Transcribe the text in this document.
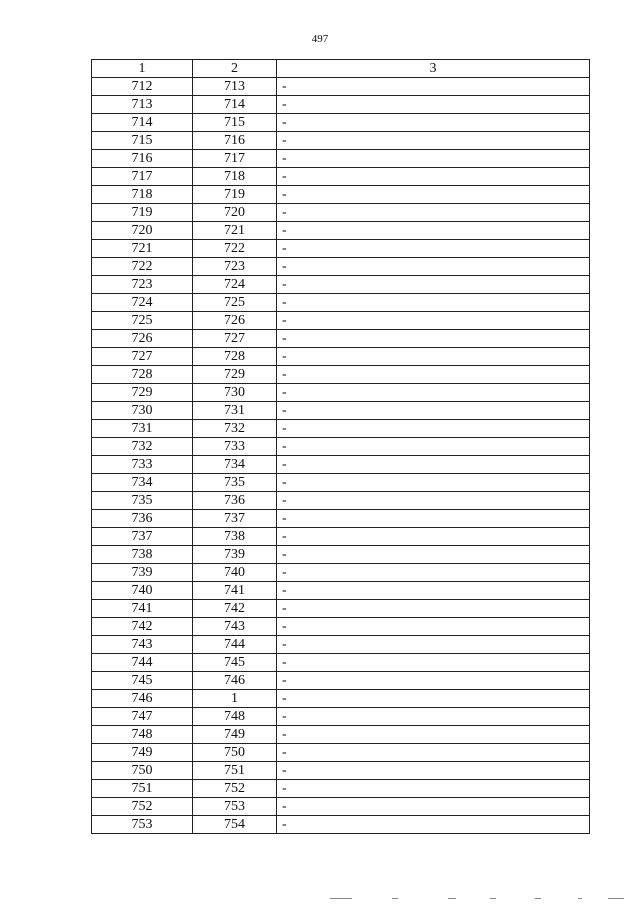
497
1	2	3
712	713	-
713	714	-
714	715	-
715	716	-
716	717	-
717	718	-
718	719	-
719	720	-
720	721	-
721	722	-
722	723	-
723	724	-
724	725	-
725	726	-
726	727	-
727	728	-
728	729	-
729	730	-
730	731	-
731	732	-
732	733	-
733	734	-
734	735	-
735	736	-
736	737	-
737	738	-
738	739	-
739	740	-
740	741	-
741	742	-
742	743	-
743	744	-
744	745	-
745	746	-
746	1	-
747	748	-
748	749	-
749	750	-
750	751	-
751	752	-
752	753	-
753	754	-
